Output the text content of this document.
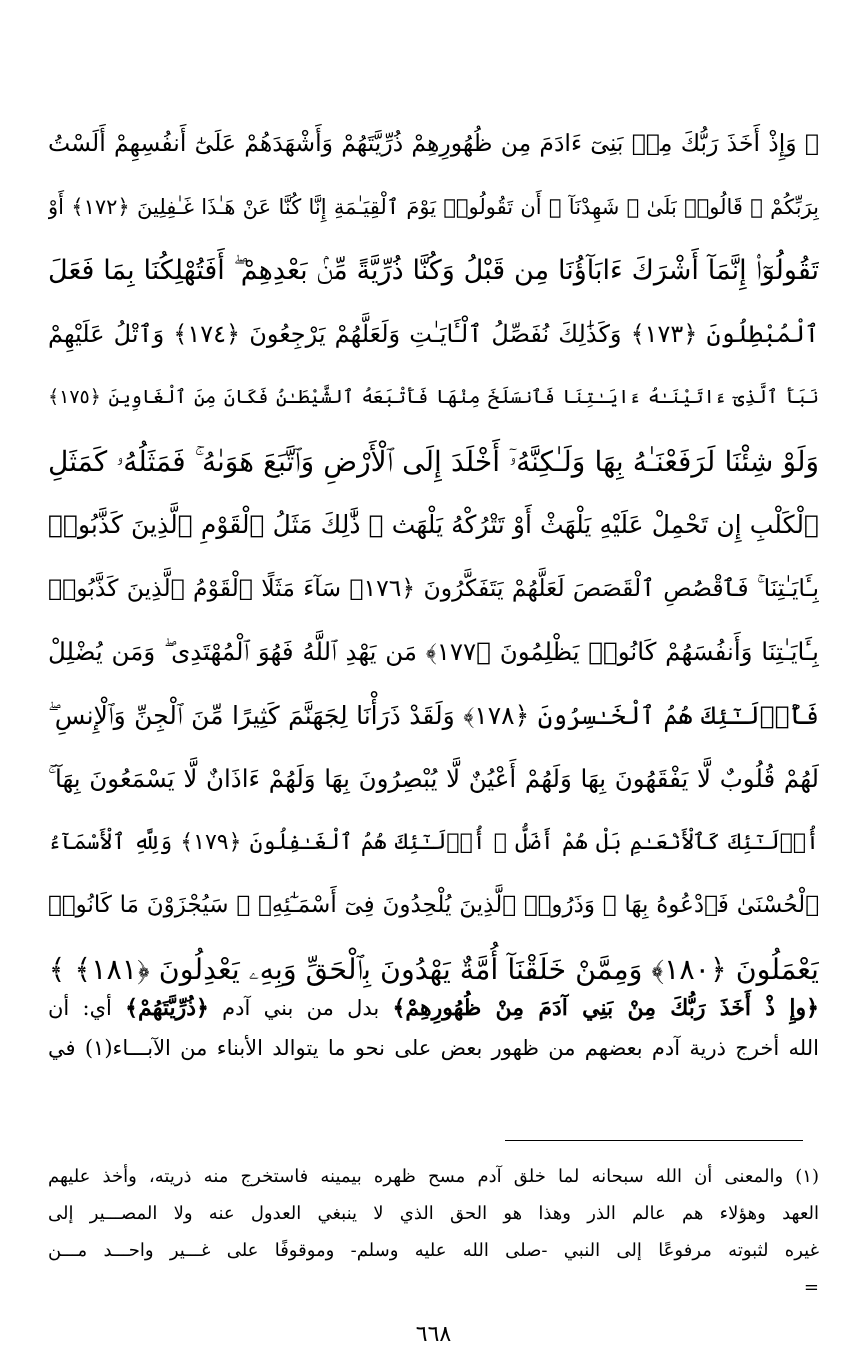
﴿ وَإِذْ أَخَذَ رَبُّكَ مِنۢ بَنِىٓ ءَادَمَ مِن ظُهُورِهِمْ ذُرِّيَّتَهُمْ وَأَشْهَدَهُمْ عَلَىٰٓ أَنفُسِهِمْ أَلَسْتُ
بِرَبِّكُمْ ۖ قَالُوا۟ بَلَىٰ ۛ شَهِدْنَآ ۛ أَن تَقُولُوا۟ يَوْمَ ٱلْقِيَـٰمَةِ إِنَّا كُنَّا عَنْ هَـٰذَا غَـٰفِلِينَ ﴿١٧٢﴾ أَوْ
تَقُولُوٓا۟ إِنَّمَآ أَشْرَكَ ءَابَآؤُنَا مِن قَبْلُ وَكُنَّا ذُرِّيَّةً مِّنۢ بَعْدِهِمْ ۖ أَفَتُهْلِكُنَا بِمَا فَعَلَ
ٱلْمُبْطِلُونَ ﴿١٧٣﴾ وَكَذَٰلِكَ نُفَصِّلُ ٱلْـَٔايَـٰتِ وَلَعَلَّهُمْ يَرْجِعُونَ ﴿١٧٤﴾ وَٱتْلُ عَلَيْهِمْ
نَبَأَ ٱلَّذِىٓ ءَاتَيْنَـٰهُ ءَايَـٰتِنَا فَٱنسَلَخَ مِنْهَا فَأَتْبَعَهُ ٱلشَّيْطَـٰنُ فَكَانَ مِنَ ٱلْغَاوِينَ ﴿١٧٥﴾
وَلَوْ شِئْنَا لَرَفَعْنَـٰهُ بِهَا وَلَـٰكِنَّهُۥٓ أَخْلَدَ إِلَى ٱلْأَرْضِ وَٱتَّبَعَ هَوَىٰهُ ۚ فَمَثَلُهُۥ كَمَثَلِ
ٱلْكَلْبِ إِن تَحْمِلْ عَلَيْهِ يَلْهَثْ أَوْ تَتْرُكْهُ يَلْهَث ۚ ذَّٰلِكَ مَثَلُ ٱلْقَوْمِ ٱلَّذِينَ كَذَّبُوا۟
بِـَٔايَـٰتِنَا ۚ فَٱقْصُصِ ٱلْقَصَصَ لَعَلَّهُمْ يَتَفَكَّرُونَ ﴿١٧٦﴾ سَآءَ مَثَلًا ٱلْقَوْمُ ٱلَّذِينَ كَذَّبُوا۟
بِـَٔايَـٰتِنَا وَأَنفُسَهُمْ كَانُوا۟ يَظْلِمُونَ ﴿١٧٧﴾ مَن يَهْدِ ٱللَّهُ فَهُوَ ٱلْمُهْتَدِى ۖ وَمَن يُضْلِلْ
فَأُو۟لَـٰٓئِكَ هُمُ ٱلْخَـٰسِرُونَ ﴿١٧٨﴾ وَلَقَدْ ذَرَأْنَا لِجَهَنَّمَ كَثِيرًا مِّنَ ٱلْجِنِّ وَٱلْإِنسِ ۖ
لَهُمْ قُلُوبٌ لَّا يَفْقَهُونَ بِهَا وَلَهُمْ أَعْيُنٌ لَّا يُبْصِرُونَ بِهَا وَلَهُمْ ءَاذَانٌ لَّا يَسْمَعُونَ بِهَآ ۚ
أُو۟لَـٰٓئِكَ كَٱلْأَنْعَـٰمِ بَلْ هُمْ أَضَلُّ ۚ أُو۟لَـٰٓئِكَ هُمُ ٱلْغَـٰفِلُونَ ﴿١٧٩﴾ وَلِلَّهِ ٱلْأَسْمَآءُ
ٱلْحُسْنَىٰ فَٱدْعُوهُ بِهَا ۖ وَذَرُوا۟ ٱلَّذِينَ يُلْحِدُونَ فِىٓ أَسْمَـٰٓئِهِۦ ۚ سَيُجْزَوْنَ مَا كَانُوا۟
يَعْمَلُونَ ﴿١٨٠﴾ وَمِمَّنْ خَلَقْنَآ أُمَّةٌ يَهْدُونَ بِٱلْحَقِّ وَبِهِۦ يَعْدِلُونَ ﴿١٨١﴾ ﴾
﴿وإِ ذْ أَخَذَ رَبُّكَ مِنْ بَنِي آدَمَ مِنْ ظُهُورِهِمْ﴾ بدل من بني آدم ﴿ذُرِّيَّتَهُمْ﴾ أي: أن
الله أخرج ذرية آدم بعضهم من ظهور بعض على نحو ما يتوالد الأبناء من الآبـــاء(١) في
(١) والمعنى أن الله سبحانه لما خلق آدم مسح ظهره بيمينه فاستخرج منه ذريته، وأخذ عليهم
العهد وهؤلاء هم عالم الذر وهذا هو الحق الذي لا ينبغي العدول عنه ولا المصـــير إلى
غيره لثبوته مرفوعًا إلى النبي -صلى الله عليه وسلم- وموقوفًا على غـــير واحـــد مـــن
=
٦٦٨
